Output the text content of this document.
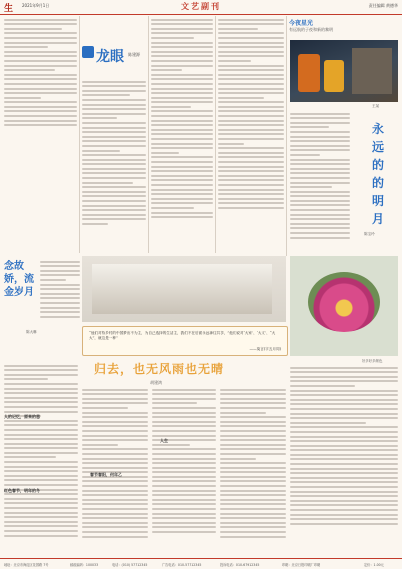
生 2021年9月1日	文艺副刊	责任编辑 黄德华
龙眼 陈建源
今夜星光
有远航的子夜和新的黎明
王某
永远的的明月
陈宝玲
念故娇，流金岁月
陈大琳	“他们对待乡村的中国梦出不为主，为自己选择的生活主，我们不在后面永远神往共享，”他们说对‘大家’、‘大义’、“大大”，就这是一种”
——莫言(宇五月同)
归去，也无风雨也无晴
胡建鸿
人的记忆，原来的悲
红色春节，明年的冬
春节春阳，何年乙
人生
好多好多颜色
地址：北京市海淀区花园路 7号	邮政编码：100033	电话：(010) 57712345	广告电话：010-57712345	投诉电话：010-67912345	印刷：北京日报印刷厂印刷	定价：1.00元
